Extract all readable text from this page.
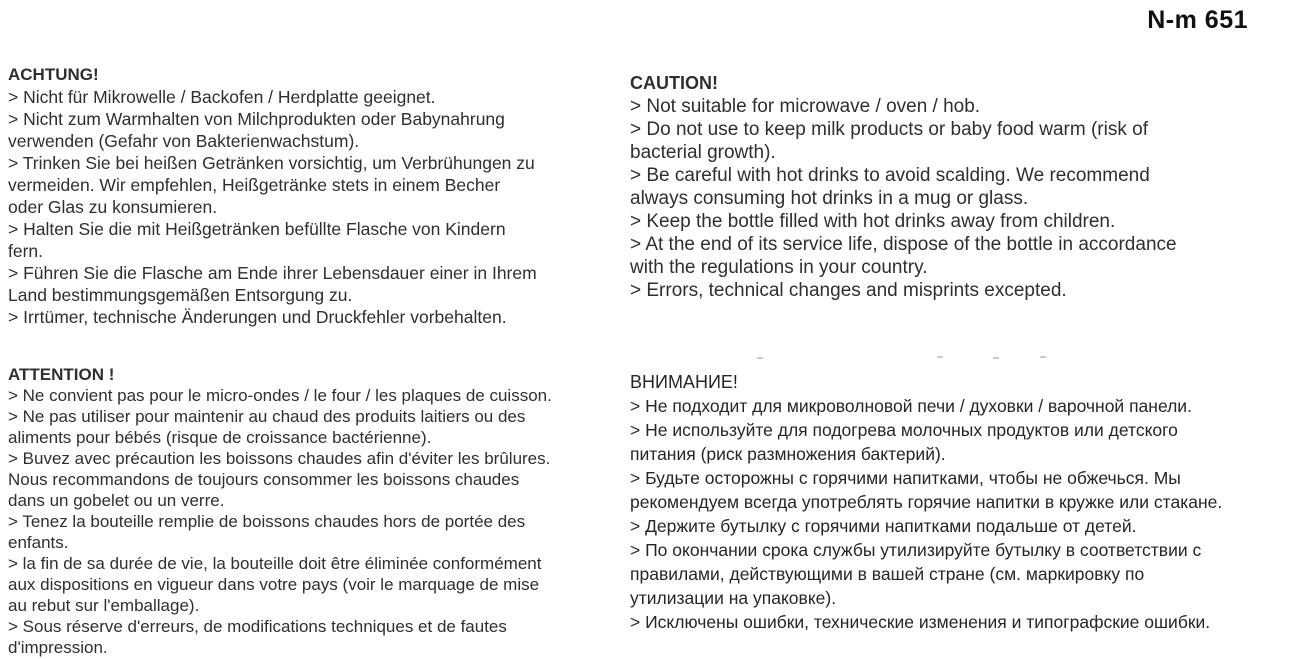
N-m 651
ACHTUNG!
> Nicht für Mikrowelle / Backofen / Herdplatte geeignet.
> Nicht zum Warmhalten von Milchprodukten oder Babynahrung
verwenden (Gefahr von Bakterienwachstum).
> Trinken Sie bei heißen Getränken vorsichtig, um Verbrühungen zu
vermeiden. Wir empfehlen, Heißgetränke stets in einem Becher
oder Glas zu konsumieren.
> Halten Sie die mit Heißgetränken befüllte Flasche von Kindern
fern.
> Führen Sie die Flasche am Ende ihrer Lebensdauer einer in Ihrem
Land bestimmungsgemäßen Entsorgung zu.
> Irrtümer, technische Änderungen und Druckfehler vorbehalten.
CAUTION!
> Not suitable for microwave / oven / hob.
> Do not use to keep milk products or baby food warm (risk of
bacterial growth).
> Be careful with hot drinks to avoid scalding. We recommend
always consuming hot drinks in a mug or glass.
> Keep the bottle filled with hot drinks away from children.
> At the end of its service life, dispose of the bottle in accordance
with the regulations in your country.
> Errors, technical changes and misprints excepted.
ATTENTION !
> Ne convient pas pour le micro-ondes / le four / les plaques de cuisson.
> Ne pas utiliser pour maintenir au chaud des produits laitiers ou des
aliments pour bébés (risque de croissance bactérienne).
> Buvez avec précaution les boissons chaudes afin d'éviter les brûlures.
Nous recommandons de toujours consommer les boissons chaudes
dans un gobelet ou un verre.
> Tenez la bouteille remplie de boissons chaudes hors de portée des
enfants.
> la fin de sa durée de vie, la bouteille doit être éliminée conformément
aux dispositions en vigueur dans votre pays (voir le marquage de mise
au rebut sur l'emballage).
> Sous réserve d'erreurs, de modifications techniques et de fautes
d'impression.
ВНИМАНИЕ!
> Не подходит для микроволновой печи / духовки / варочной панели.
> Не используйте для подогрева молочных продуктов или детского
питания (риск размножения бактерий).
> Будьте осторожны с горячими напитками, чтобы не обжечься. Мы
рекомендуем всегда употреблять горячие напитки в кружке или стакане.
> Держите бутылку с горячими напитками подальше от детей.
> По окончании срока службы утилизируйте бутылку в соответствии с
правилами, действующими в вашей стране (см. маркировку по
утилизации на упаковке).
> Исключены ошибки, технические изменения и типографские ошибки.
